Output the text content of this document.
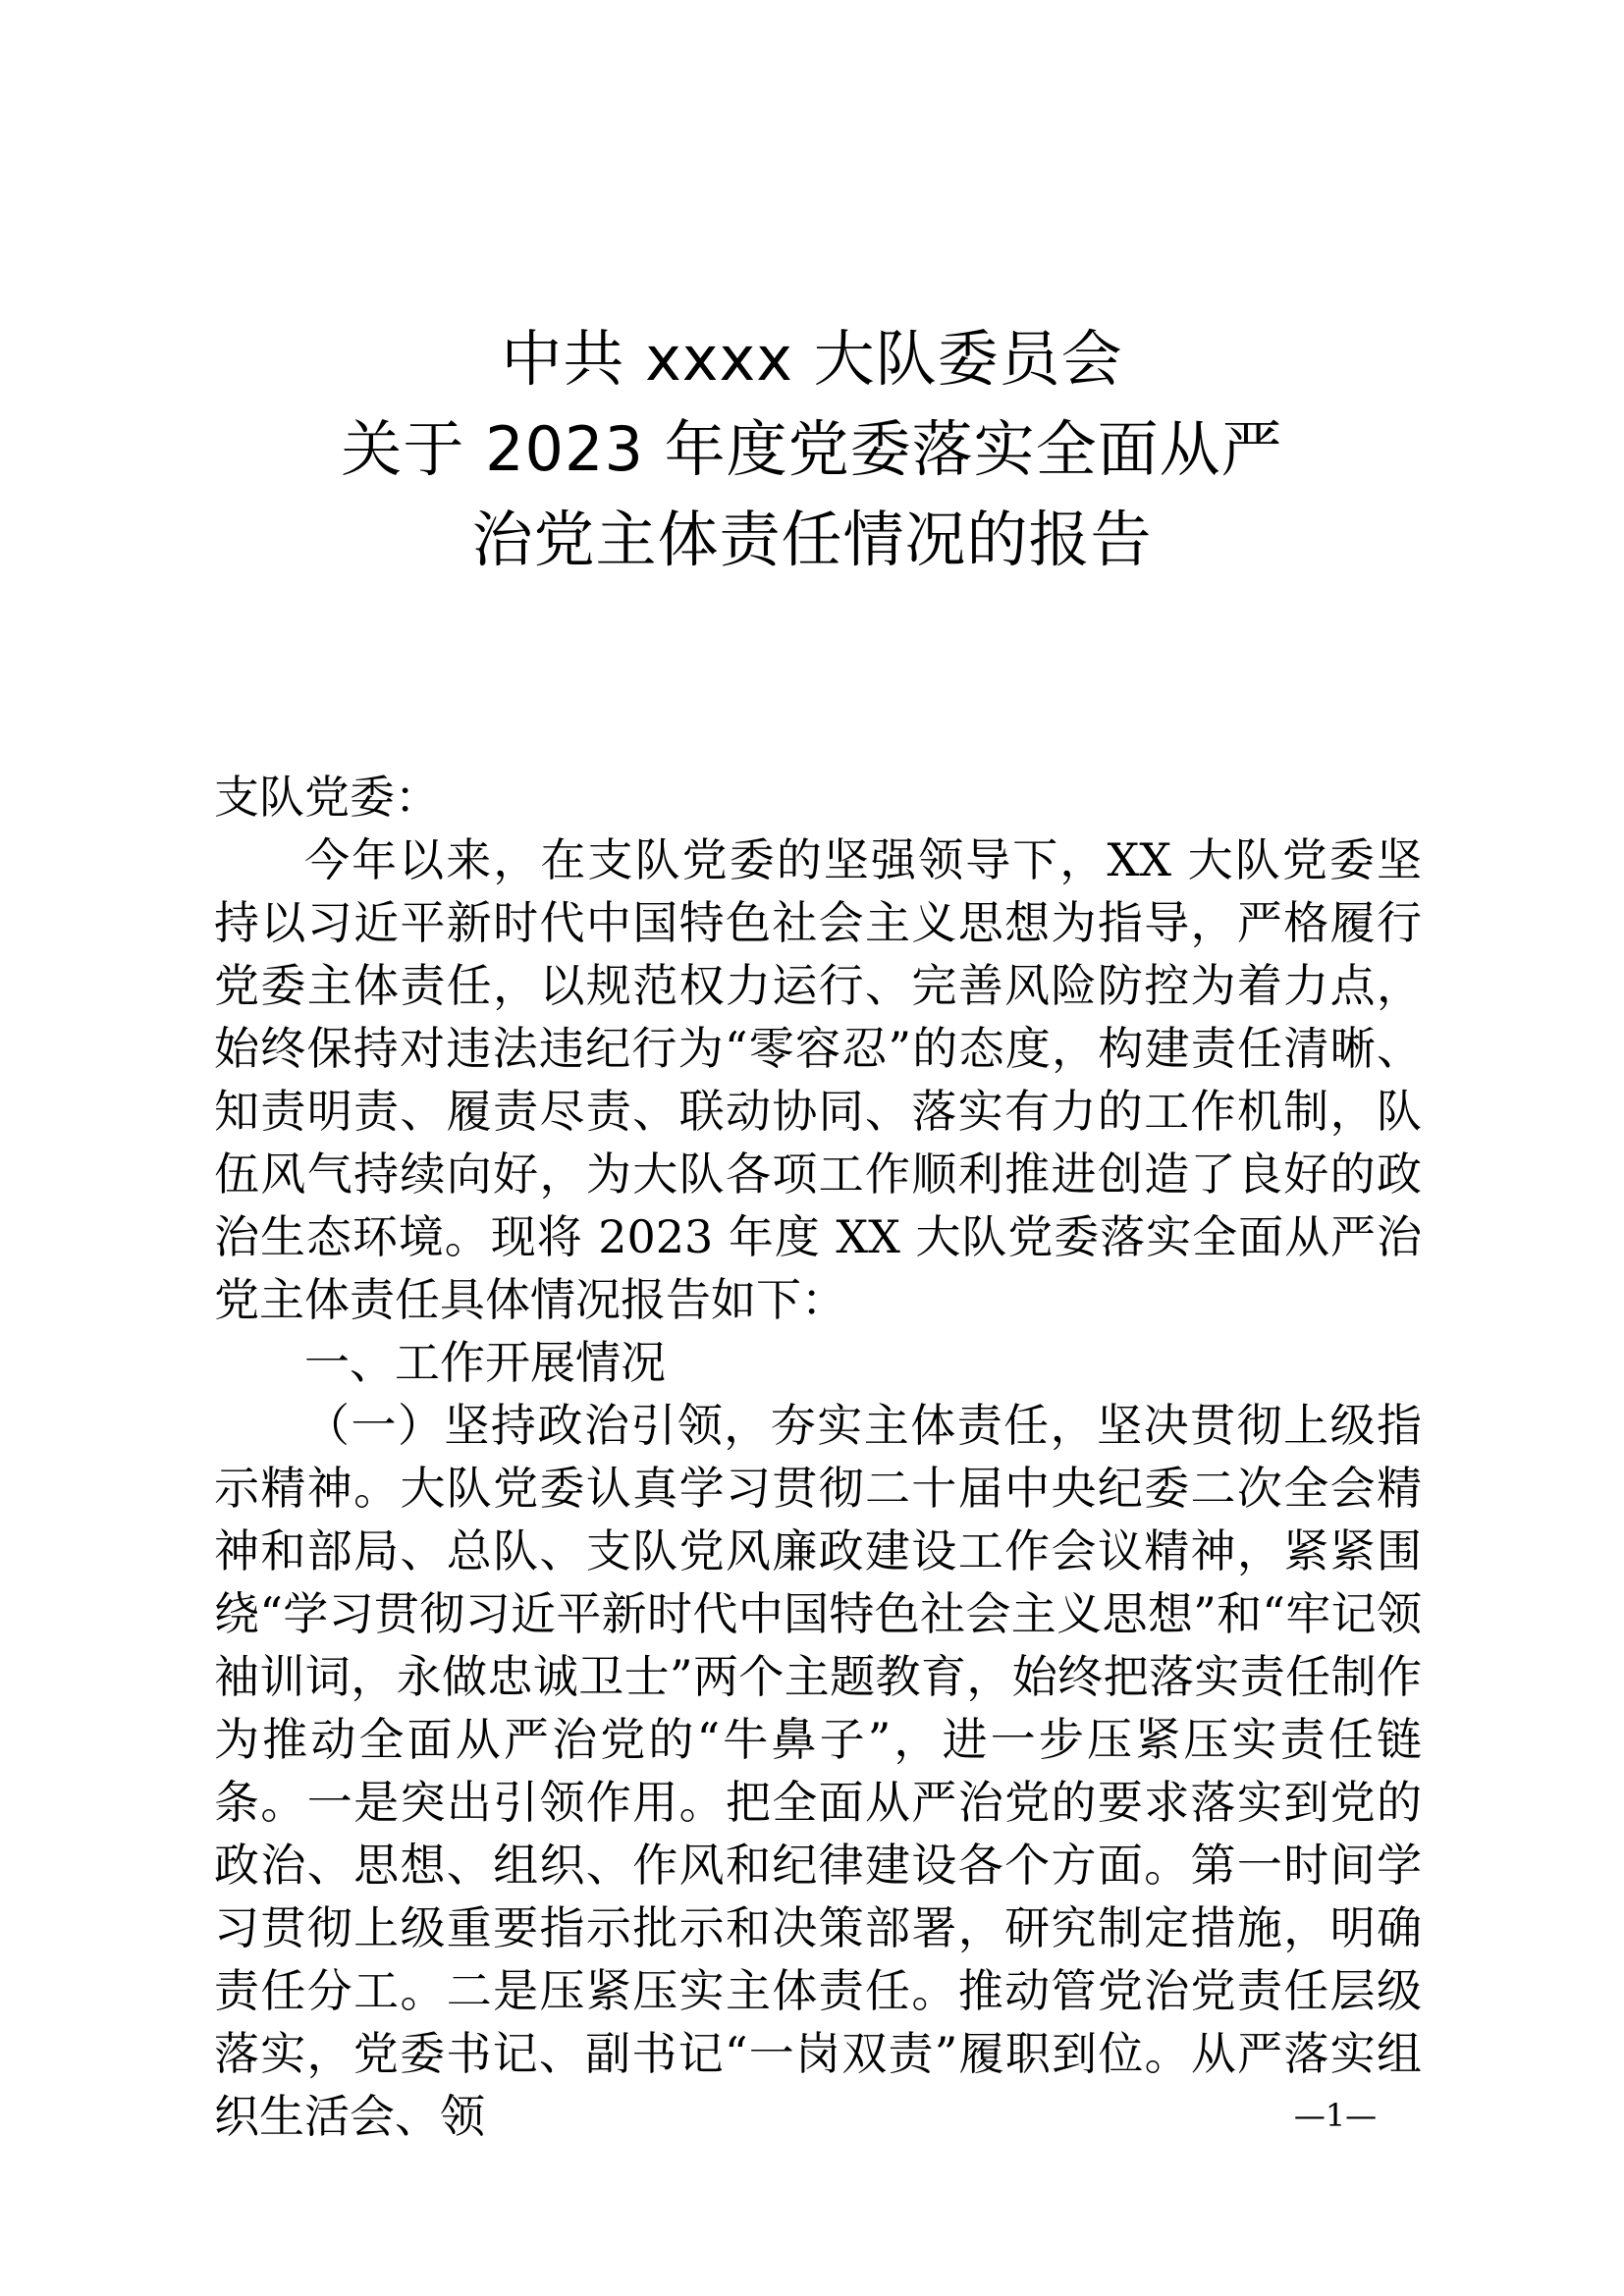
中共 xxxx 大队委员会
关于 2023 年度党委落实全面从严
治党主体责任情况的报告

支队党委：

今年以来，在支队党委的坚强领导下，XX 大队党委坚持以习近平新时代中国特色社会主义思想为指导，严格履行党委主体责任，以规范权力运行、完善风险防控为着力点，始终保持对违法违纪行为“零容忍”的态度，构建责任清晰、知责明责、履责尽责、联动协同、落实有力的工作机制，队伍风气持续向好，为大队各项工作顺利推进创造了良好的政治生态环境。现将 2023 年度 XX 大队党委落实全面从严治党主体责任具体情况报告如下：

一、工作开展情况

（一）坚持政治引领，夯实主体责任，坚决贯彻上级指示精神。大队党委认真学习贯彻二十届中央纪委二次全会精神和部局、总队、支队党风廉政建设工作会议精神，紧紧围绕“学习贯彻习近平新时代中国特色社会主义思想”和“牢记领袖训词，永做忠诚卫士”两个主题教育，始终把落实责任制作为推动全面从严治党的“牛鼻子”，进一步压紧压实责任链条。一是突出引领作用。把全面从严治党的要求落实到党的政治、思想、组织、作风和纪律建设各个方面。第一时间学习贯彻上级重要指示批示和决策部署，研究制定措施，明确责任分工。二是压紧压实主体责任。推动管党治党责任层级落实，党委书记、副书记“一岗双责”履职到位。从严落实组织生活会、领	—1—
